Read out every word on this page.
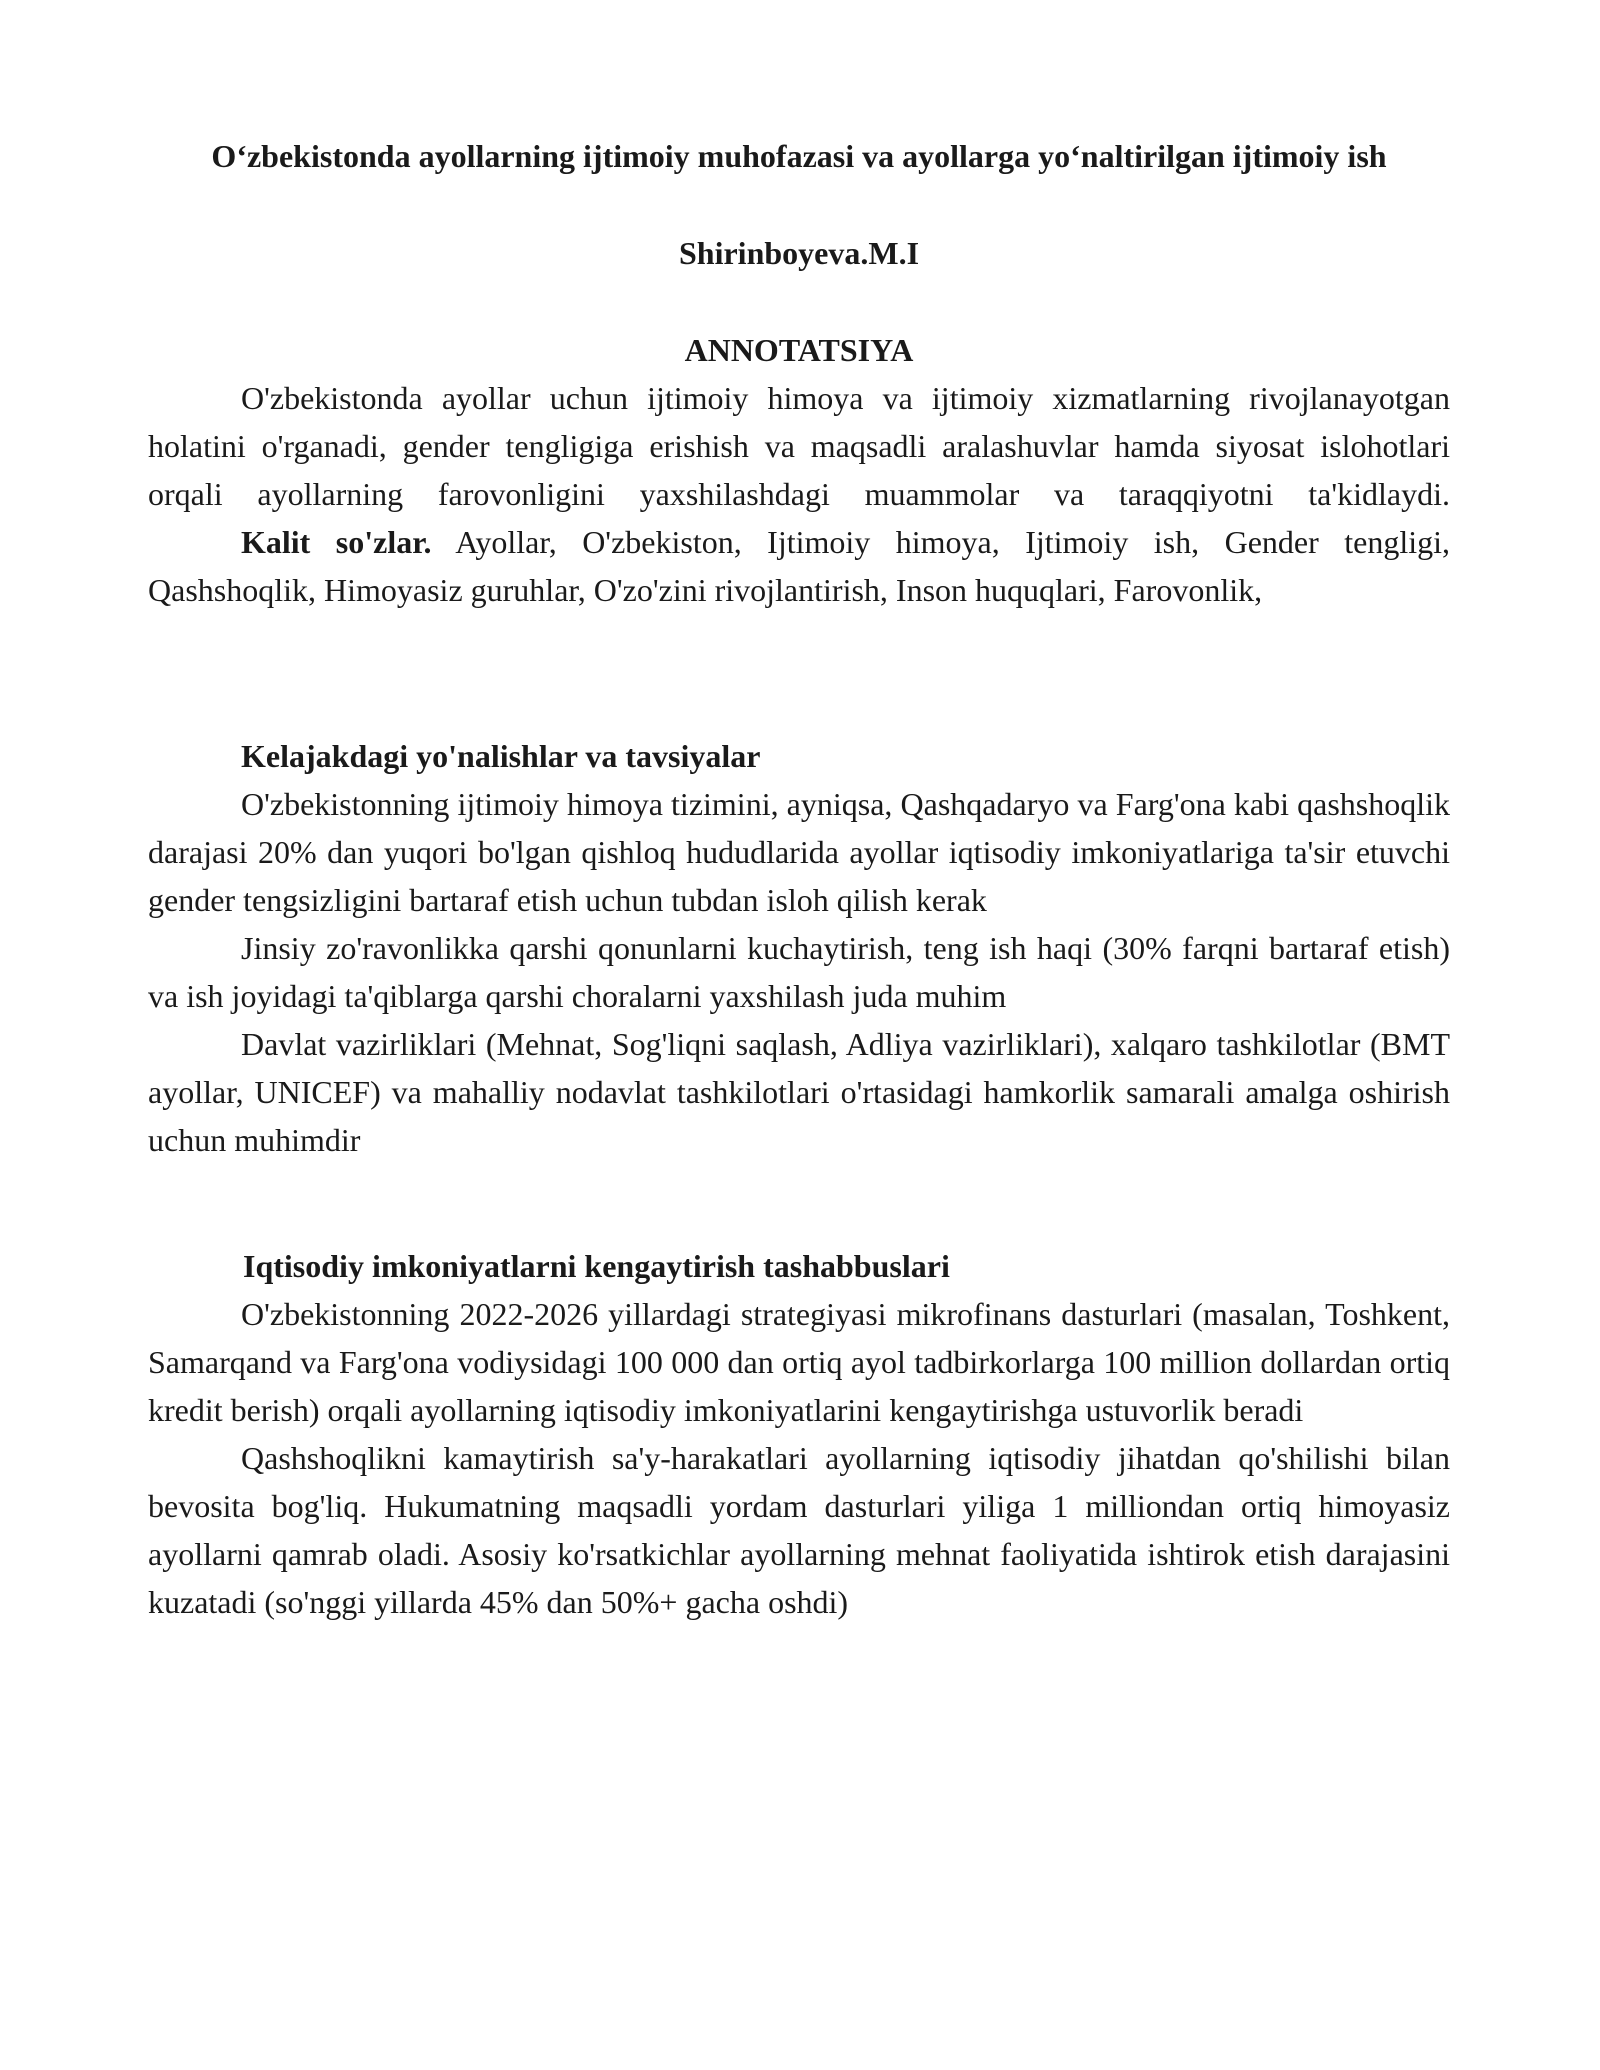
O‘zbekistonda ayollarning ijtimoiy muhofazasi va ayollarga yo‘naltirilgan ijtimoiy ish
Shirinboyeva.M.I
ANNOTATSIYA

O'zbekistonda ayollar uchun ijtimoiy himoya va ijtimoiy xizmatlarning rivojlanayotgan holatini o'rganadi, gender tengligiga erishish va maqsadli aralashuvlar hamda siyosat islohotlari orqali ayollarning farovonligini yaxshilashdagi muammolar va taraqqiyotni ta'kidlaydi.

Kalit so'zlar. Ayollar, O'zbekiston, Ijtimoiy himoya, Ijtimoiy ish, Gender tengligi, Qashshoqlik, Himoyasiz guruhlar, O'zo'zini rivojlantirish, Inson huquqlari, Farovonlik,

Kelajakdagi yo'nalishlar va tavsiyalar

O'zbekistonning ijtimoiy himoya tizimini, ayniqsa, Qashqadaryo va Farg'ona kabi qashshoqlik darajasi 20% dan yuqori bo'lgan qishloq hududlarida ayollar iqtisodiy imkoniyatlariga ta'sir etuvchi gender tengsizligini bartaraf etish uchun tubdan isloh qilish kerak

Jinsiy zo'ravonlikka qarshi qonunlarni kuchaytirish, teng ish haqi (30% farqni bartaraf etish) va ish joyidagi ta'qiblarga qarshi choralarni yaxshilash juda muhim

Davlat vazirliklari (Mehnat, Sog'liqni saqlash, Adliya vazirliklari), xalqaro tashkilotlar (BMT ayollar, UNICEF) va mahalliy nodavlat tashkilotlari o'rtasidagi hamkorlik samarali amalga oshirish uchun muhimdir

Iqtisodiy imkoniyatlarni kengaytirish tashabbuslari

O'zbekistonning 2022-2026 yillardagi strategiyasi mikrofinans dasturlari (masalan, Toshkent, Samarqand va Farg'ona vodiysidagi 100 000 dan ortiq ayol tadbirkorlarga 100 million dollardan ortiq kredit berish) orqali ayollarning iqtisodiy imkoniyatlarini kengaytirishga ustuvorlik beradi

Qashshoqlikni kamaytirish sa'y-harakatlari ayollarning iqtisodiy jihatdan qo'shilishi bilan bevosita bog'liq. Hukumatning maqsadli yordam dasturlari yiliga 1 milliondan ortiq himoyasiz ayollarni qamrab oladi. Asosiy ko'rsatkichlar ayollarning mehnat faoliyatida ishtirok etish darajasini kuzatadi (so'nggi yillarda 45% dan 50%+ gacha oshdi)
